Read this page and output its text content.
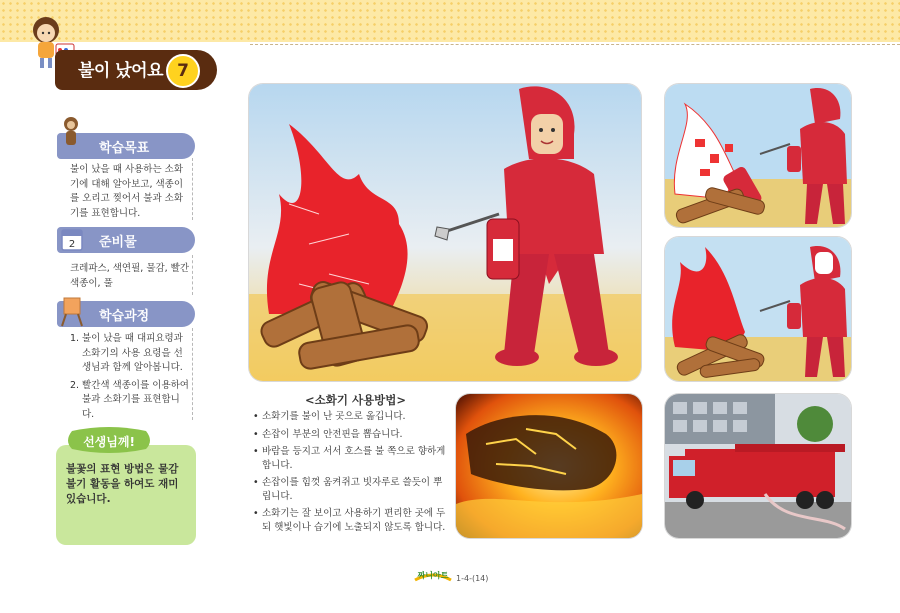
불이 났어요 7
학습목표
불이 났을 때 사용하는 소화기에 대해 알아보고, 색종이를 오리고 찢어서 불과 소화기를 표현합니다.
준비물
2
크레파스, 색연필, 물감, 빨간 색종이, 풀
학습과정
1. 불이 났을 때 대피요령과 소화기의 사용 요령을 선생님과 함께 알아봅니다.
2. 빨간색 색종이를 이용하여 불과 소화기를 표현합니다.
선생님께!
불꽃의 표현 방법은 물감 불기 활동을 하여도 재미있습니다.
<소화기 사용방법>
• 소화기를 불이 난 곳으로 옮깁니다.
• 손잡이 부분의 안전핀을 뽑습니다.
• 바람을 등지고 서서 호스를 불 쪽으로 향하게 합니다.
• 손잡이를 힘껏 움켜쥐고 빗자루로 쓸듯이 뿌립니다.
• 소화기는 잘 보이고 사용하기 편리한 곳에 두되 햇빛이나 습기에 노출되지 않도록 합니다.
짜니아트 1-4-(14)
